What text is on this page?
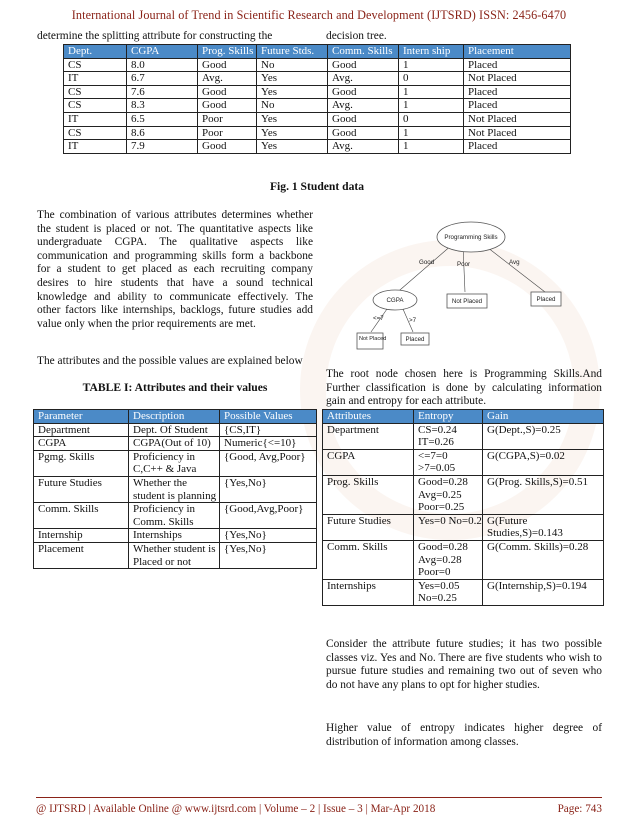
International Journal of Trend in Scientific Research and Development (IJTSRD) ISSN: 2456-6470
determine the splitting attribute for constructing the	decision tree.
Dept.	CGPA	Prog. Skills	Future Stds.	Comm. Skills	Intern ship	Placement
CS	8.0	Good	No	Good	1	Placed
IT	6.7	Avg.	Yes	Avg.	0	Not Placed
CS	7.6	Good	Yes	Good	1	Placed
CS	8.3	Good	No	Avg.	1	Placed
IT	6.5	Poor	Yes	Good	0	Not Placed
CS	8.6	Poor	Yes	Good	1	Not Placed
IT	7.9	Good	Yes	Avg.	1	Placed
Fig. 1 Student data
The combination of various attributes determines whether the student is placed or not. The quantitative aspects like undergraduate CGPA. The qualitative aspects like communication and programming skills form a backbone for a student to get placed as each recruiting company desires to hire students that have a sound technical knowledge and ability to communicate effectively. The other factors like internships, backlogs, future studies add value only when the prior requirements are met.
The attributes and the possible values are explained below
TABLE I: Attributes and their values
Parameter	Description	Possible Values
Department	Dept. Of Student	{CS,IT}
CGPA	CGPA(Out of 10)	Numeric{<=10}
Pgmg. Skills	Proficiency in C,C++ & Java	{Good, Avg,Poor}
Future Studies	Whether the student is planning	{Yes,No}
Comm. Skills	Proficiency in Comm. Skills	{Good,Avg,Poor}
Internship	Internships	{Yes,No}
Placement	Whether student is Placed or not	{Yes,No}
Programming Skills
Good	Poor	Avg
CGPA	Not Placed	Placed
<=7	>7
Not Placed	Placed
The root node chosen here is Programming Skills.And Further classification is done by calculating information gain and entropy for each attribute.
Attributes	Entropy	Gain
Department	CS=0.24 IT=0.26	G(Dept.,S)=0.25
CGPA	<=7=0 >7=0.05	G(CGPA,S)=0.02
Prog. Skills	Good=0.28 Avg=0.25 Poor=0.25	G(Prog. Skills,S)=0.51
Future Studies	Yes=0 No=0.2	G(Future Studies,S)=0.143
Comm. Skills	Good=0.28 Avg=0.28 Poor=0	G(Comm. Skills)=0.28
Internships	Yes=0.05 No=0.25	G(Internship,S)=0.194
Consider the attribute future studies; it has two possible classes viz. Yes and No. There are five students who wish to pursue future studies and remaining two out of seven who do not have any plans to opt for higher studies.
Higher value of entropy indicates higher degree of distribution of information among classes.
@ IJTSRD | Available Online @ www.ijtsrd.com | Volume – 2 | Issue – 3 | Mar-Apr 2018	Page: 743
